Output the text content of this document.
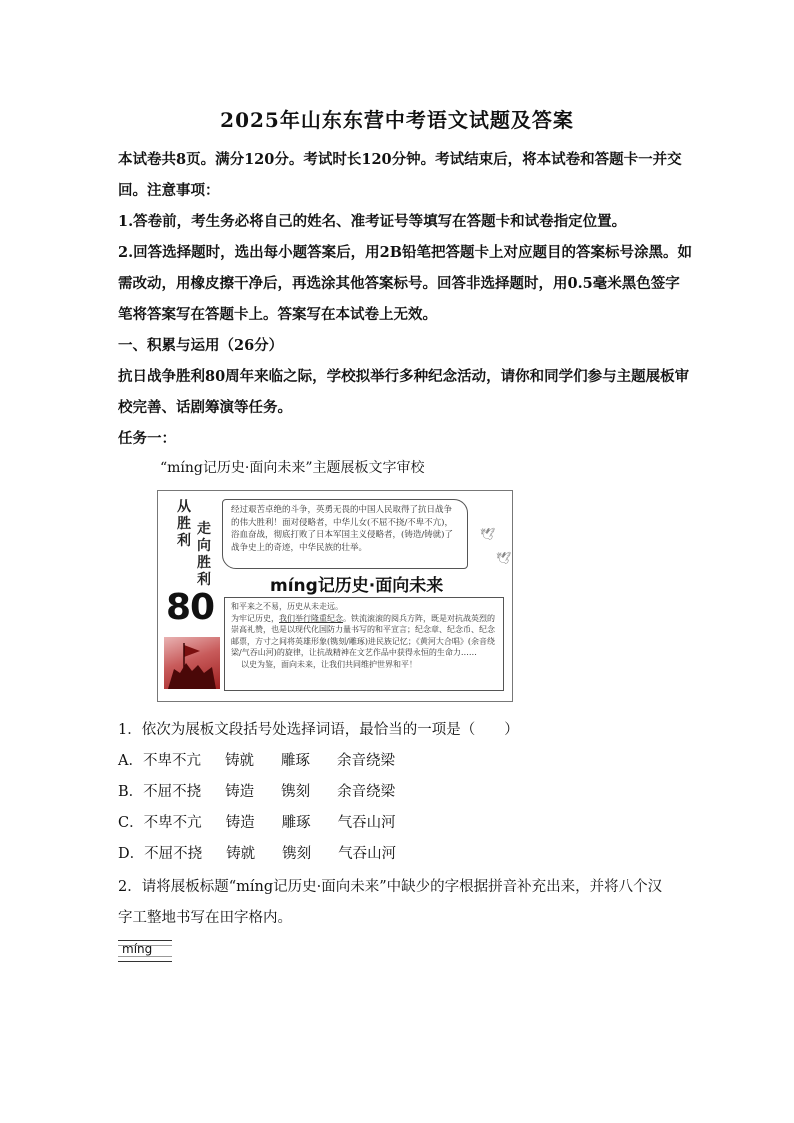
2025年山东东营中考语文试题及答案
本试卷共8页。满分120分。考试时长120分钟。考试结束后，将本试卷和答题卡一并交
回。注意事项：
1.答卷前，考生务必将自己的姓名、准考证号等填写在答题卡和试卷指定位置。
2.回答选择题时，选出每小题答案后，用2B铅笔把答题卡上对应题目的答案标号涂黑。如
需改动，用橡皮擦干净后，再选涂其他答案标号。回答非选择题时，用0.5毫米黑色签字
笔将答案写在答题卡上。答案写在本试卷上无效。
一、积累与运用（26分）
抗日战争胜利80周年来临之际，学校拟举行多种纪念活动，请你和同学们参与主题展板审
校完善、话剧筹演等任务。
任务一：
“míng记历史·面向未来”主题展板文字审校
从
胜
利
走
向
胜
利
80
经过艰苦卓绝的斗争，英勇无畏的中国人民取得了抗日战争的伟大胜利！面对侵略者，中华儿女(不屈不挠/不卑不亢)，浴血奋战，彻底打败了日本军国主义侵略者，(铸造/铸就)了战争史上的奇迹，中华民族的壮举。
🕊
🕊
míng记历史·面向未来
和平来之不易，历史从未走远。
为牢记历史，我们举行隆重纪念。铁流滚滚的阅兵方阵，既是对抗战英烈的崇高礼赞，也是以现代化国防力量书写的和平宣言；纪念章、纪念币、纪念邮票，方寸之间将英雄形象(镌刻/雕琢)进民族记忆；《黄河大合唱》(余音绕梁/气吞山河)的旋律，让抗战精神在文艺作品中获得永恒的生命力……
以史为鉴，面向未来，让我们共同维护世界和平！
1．依次为展板文段括号处选择词语，最恰当的一项是（　　）
A．不卑不亢 铸就 雕琢 余音绕梁
B．不屈不挠 铸造 镌刻 余音绕梁
C．不卑不亢 铸造 雕琢 气吞山河
D．不屈不挠 铸就 镌刻 气吞山河
2．请将展板标题“míng记历史·面向未来”中缺少的字根据拼音补充出来，并将八个汉
字工整地书写在田字格内。
míng
